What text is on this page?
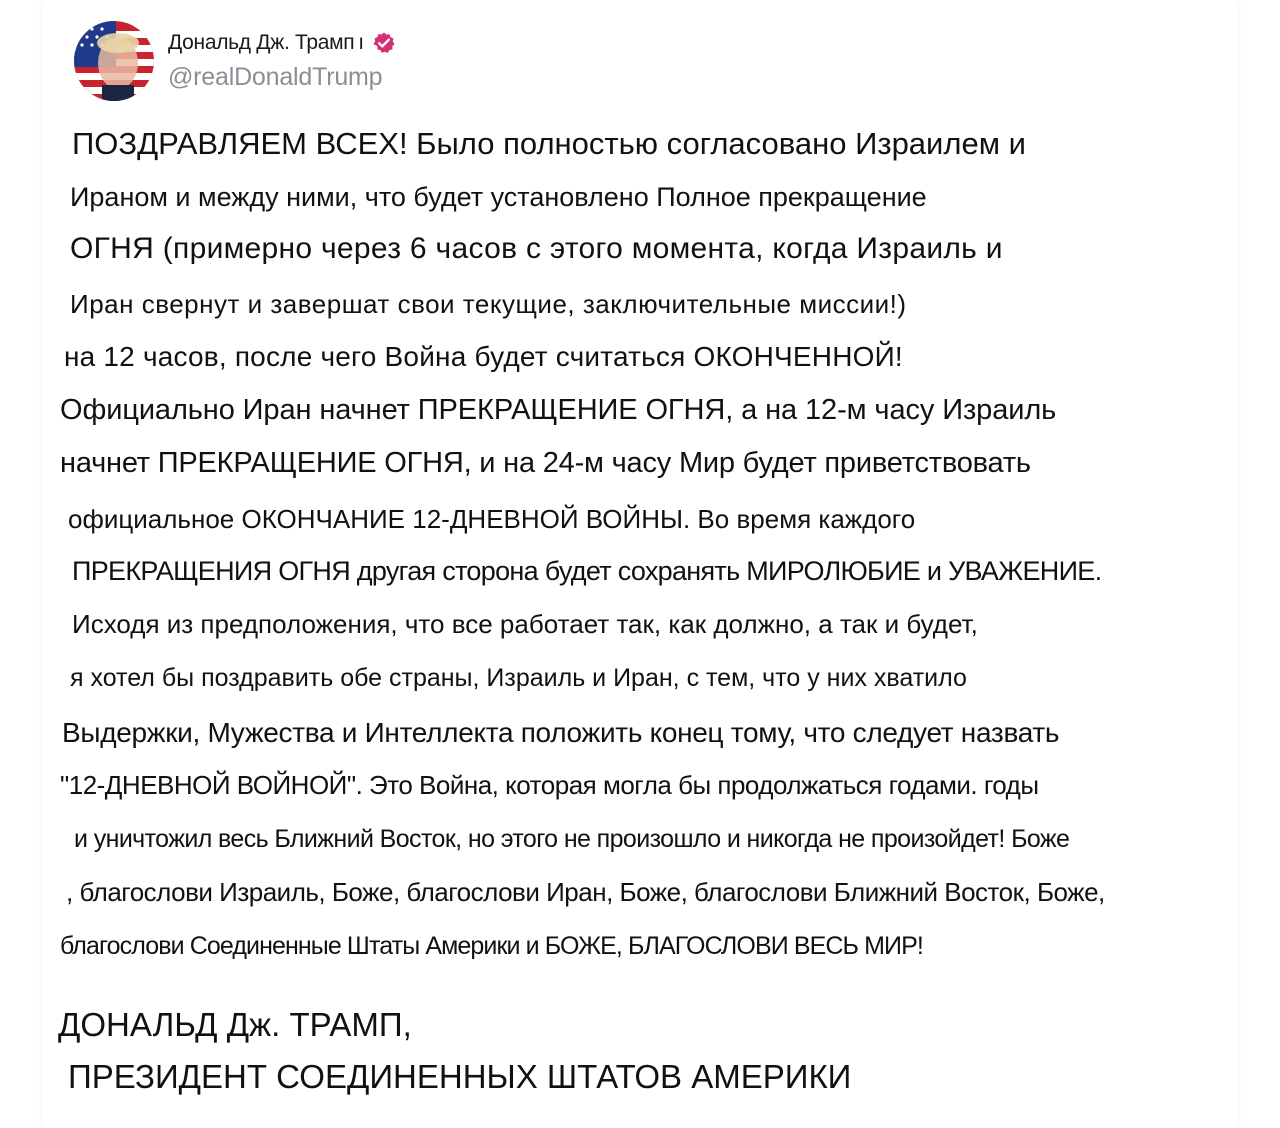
Дональд Дж. Трамп  ı
@realDonaldTrump
ПОЗДРАВЛЯЕМ ВСЕХ! Было полностью согласовано Израилем и
Ираном и между ними, что будет установлено Полное прекращение
ОГНЯ (примерно через 6 часов с этого момента, когда Израиль и
Иран свернут и завершат свои текущие, заключительные миссии!)
на 12 часов, после чего Война будет считаться ОКОНЧЕННОЙ!
Официально Иран начнет ПРЕКРАЩЕНИЕ ОГНЯ, а на 12-м часу Израиль
начнет ПРЕКРАЩЕНИЕ ОГНЯ, и на 24-м часу Мир будет приветствовать
официальное ОКОНЧАНИЕ 12-ДНЕВНОЙ ВОЙНЫ. Во время каждого
ПРЕКРАЩЕНИЯ ОГНЯ другая сторона будет сохранять МИРОЛЮБИЕ и УВАЖЕНИЕ.
Исходя из предположения, что все работает так, как должно, а так и будет,
я хотел бы поздравить обе страны, Израиль и Иран, с тем, что у них хватило
Выдержки, Мужества и Интеллекта положить конец тому, что следует назвать
"12-ДНЕВНОЙ ВОЙНОЙ". Это Война, которая могла бы продолжаться годами. годы
и уничтожил весь Ближний Восток, но этого не произошло и никогда не произойдет! Боже
, благослови Израиль, Боже, благослови Иран, Боже, благослови Ближний Восток, Боже,
благослови Соединенные Штаты Америки и БОЖЕ, БЛАГОСЛОВИ ВЕСЬ МИР!
ДОНАЛЬД Дж. ТРАМП,
ПРЕЗИДЕНТ СОЕДИНЕННЫХ ШТАТОВ АМЕРИКИ
